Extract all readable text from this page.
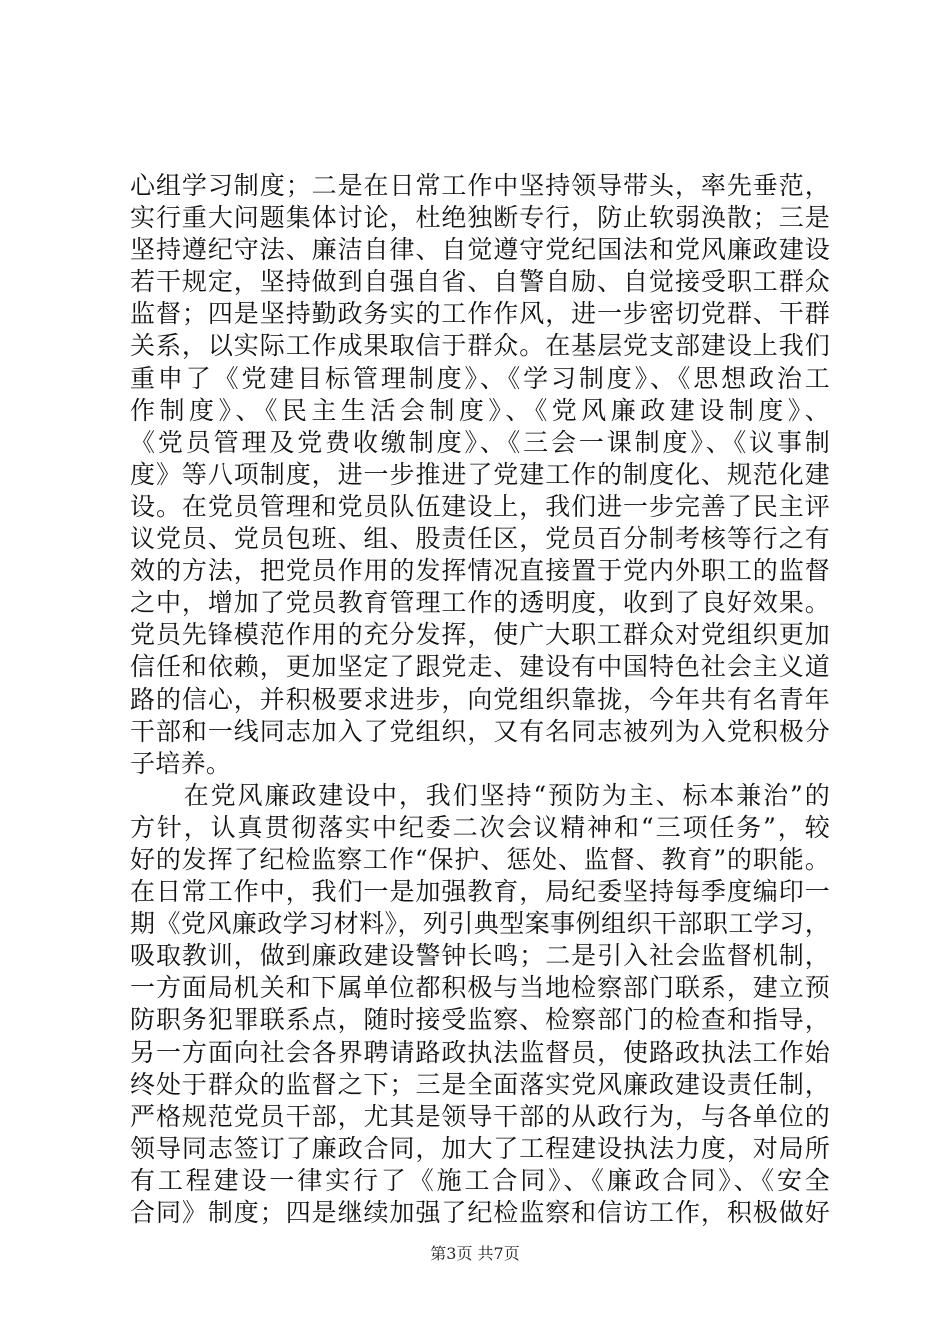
心组学习制度；二是在日常工作中坚持领导带头，率先垂范，
实行重大问题集体讨论，杜绝独断专行，防止软弱涣散；三是
坚持遵纪守法、廉洁自律、自觉遵守党纪国法和党风廉政建设
若干规定，坚持做到自强自省、自警自励、自觉接受职工群众
监督；四是坚持勤政务实的工作作风，进一步密切党群、干群
关系，以实际工作成果取信于群众。在基层党支部建设上我们
重申了《党建目标管理制度》、《学习制度》、《思想政治工
作制度》、《民主生活会制度》、《党风廉政建设制度》、
《党员管理及党费收缴制度》、《三会一课制度》、《议事制
度》等八项制度，进一步推进了党建工作的制度化、规范化建
设。在党员管理和党员队伍建设上，我们进一步完善了民主评
议党员、党员包班、组、股责任区，党员百分制考核等行之有
效的方法，把党员作用的发挥情况直接置于党内外职工的监督
之中，增加了党员教育管理工作的透明度，收到了良好效果。
党员先锋模范作用的充分发挥，使广大职工群众对党组织更加
信任和依赖，更加坚定了跟党走、建设有中国特色社会主义道
路的信心，并积极要求进步，向党组织靠拢，今年共有名青年
干部和一线同志加入了党组织，又有名同志被列为入党积极分
子培养。
　　在党风廉政建设中，我们坚持“预防为主、标本兼治”的
方针，认真贯彻落实中纪委二次会议精神和“三项任务”，较
好的发挥了纪检监察工作“保护、惩处、监督、教育”的职能。
在日常工作中，我们一是加强教育，局纪委坚持每季度编印一
期《党风廉政学习材料》，列引典型案事例组织干部职工学习，
吸取教训，做到廉政建设警钟长鸣；二是引入社会监督机制，
一方面局机关和下属单位都积极与当地检察部门联系，建立预
防职务犯罪联系点，随时接受监察、检察部门的检查和指导，
另一方面向社会各界聘请路政执法监督员，使路政执法工作始
终处于群众的监督之下；三是全面落实党风廉政建设责任制，
严格规范党员干部，尤其是领导干部的从政行为，与各单位的
领导同志签订了廉政合同，加大了工程建设执法力度，对局所
有工程建设一律实行了《施工合同》、《廉政合同》、《安全
合同》制度；四是继续加强了纪检监察和信访工作，积极做好
第3页 共7页
